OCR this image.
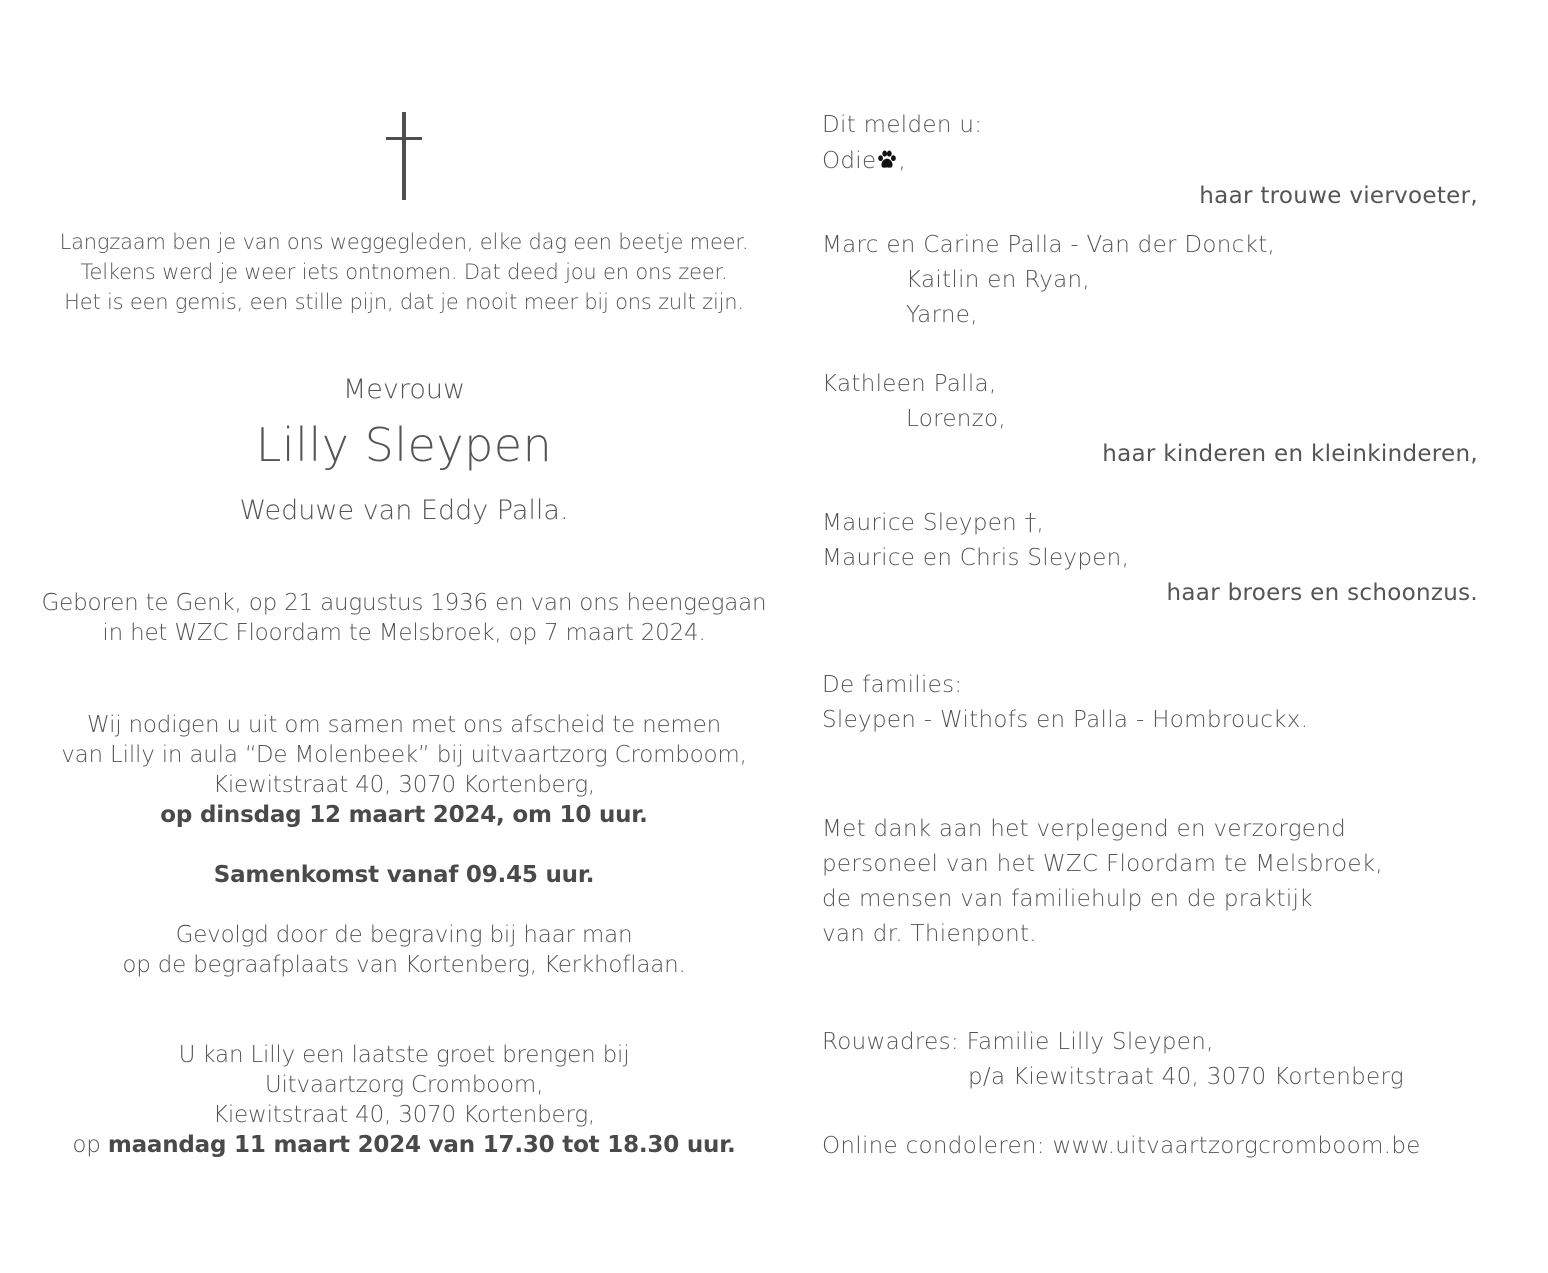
Langzaam ben je van ons weggegleden, elke dag een beetje meer.
Telkens werd je weer iets ontnomen. Dat deed jou en ons zeer.
Het is een gemis, een stille pijn, dat je nooit meer bij ons zult zijn.
Mevrouw
Lilly Sleypen
Weduwe van Eddy Palla.
Geboren te Genk, op 21 augustus 1936 en van ons heengegaan
in het WZC Floordam te Melsbroek, op 7 maart 2024.
Wij nodigen u uit om samen met ons afscheid te nemen
van Lilly in aula “De Molenbeek” bij uitvaartzorg Cromboom,
Kiewitstraat 40, 3070 Kortenberg,
op dinsdag 12 maart 2024, om 10 uur.
Samenkomst vanaf 09.45 uur.
Gevolgd door de begraving bij haar man
op de begraafplaats van Kortenberg, Kerkhoflaan.
U kan Lilly een laatste groet brengen bij
Uitvaartzorg Cromboom,
Kiewitstraat 40, 3070 Kortenberg,
op maandag 11 maart 2024 van 17.30 tot 18.30 uur.
Dit melden u:
Odie ,
haar trouwe viervoeter,
Marc en Carine Palla - Van der Donckt,
Kaitlin en Ryan,
Yarne,
Kathleen Palla,
Lorenzo,
haar kinderen en kleinkinderen,
Maurice Sleypen †,
Maurice en Chris Sleypen,
haar broers en schoonzus.
De families:
Sleypen - Withofs en Palla - Hombrouckx.
Met dank aan het verplegend en verzorgend
personeel van het WZC Floordam te Melsbroek,
de mensen van familiehulp en de praktijk
van dr. Thienpont.
Rouwadres: Familie Lilly Sleypen,
p/a Kiewitstraat 40, 3070 Kortenberg
Online condoleren: www.uitvaartzorgcromboom.be
